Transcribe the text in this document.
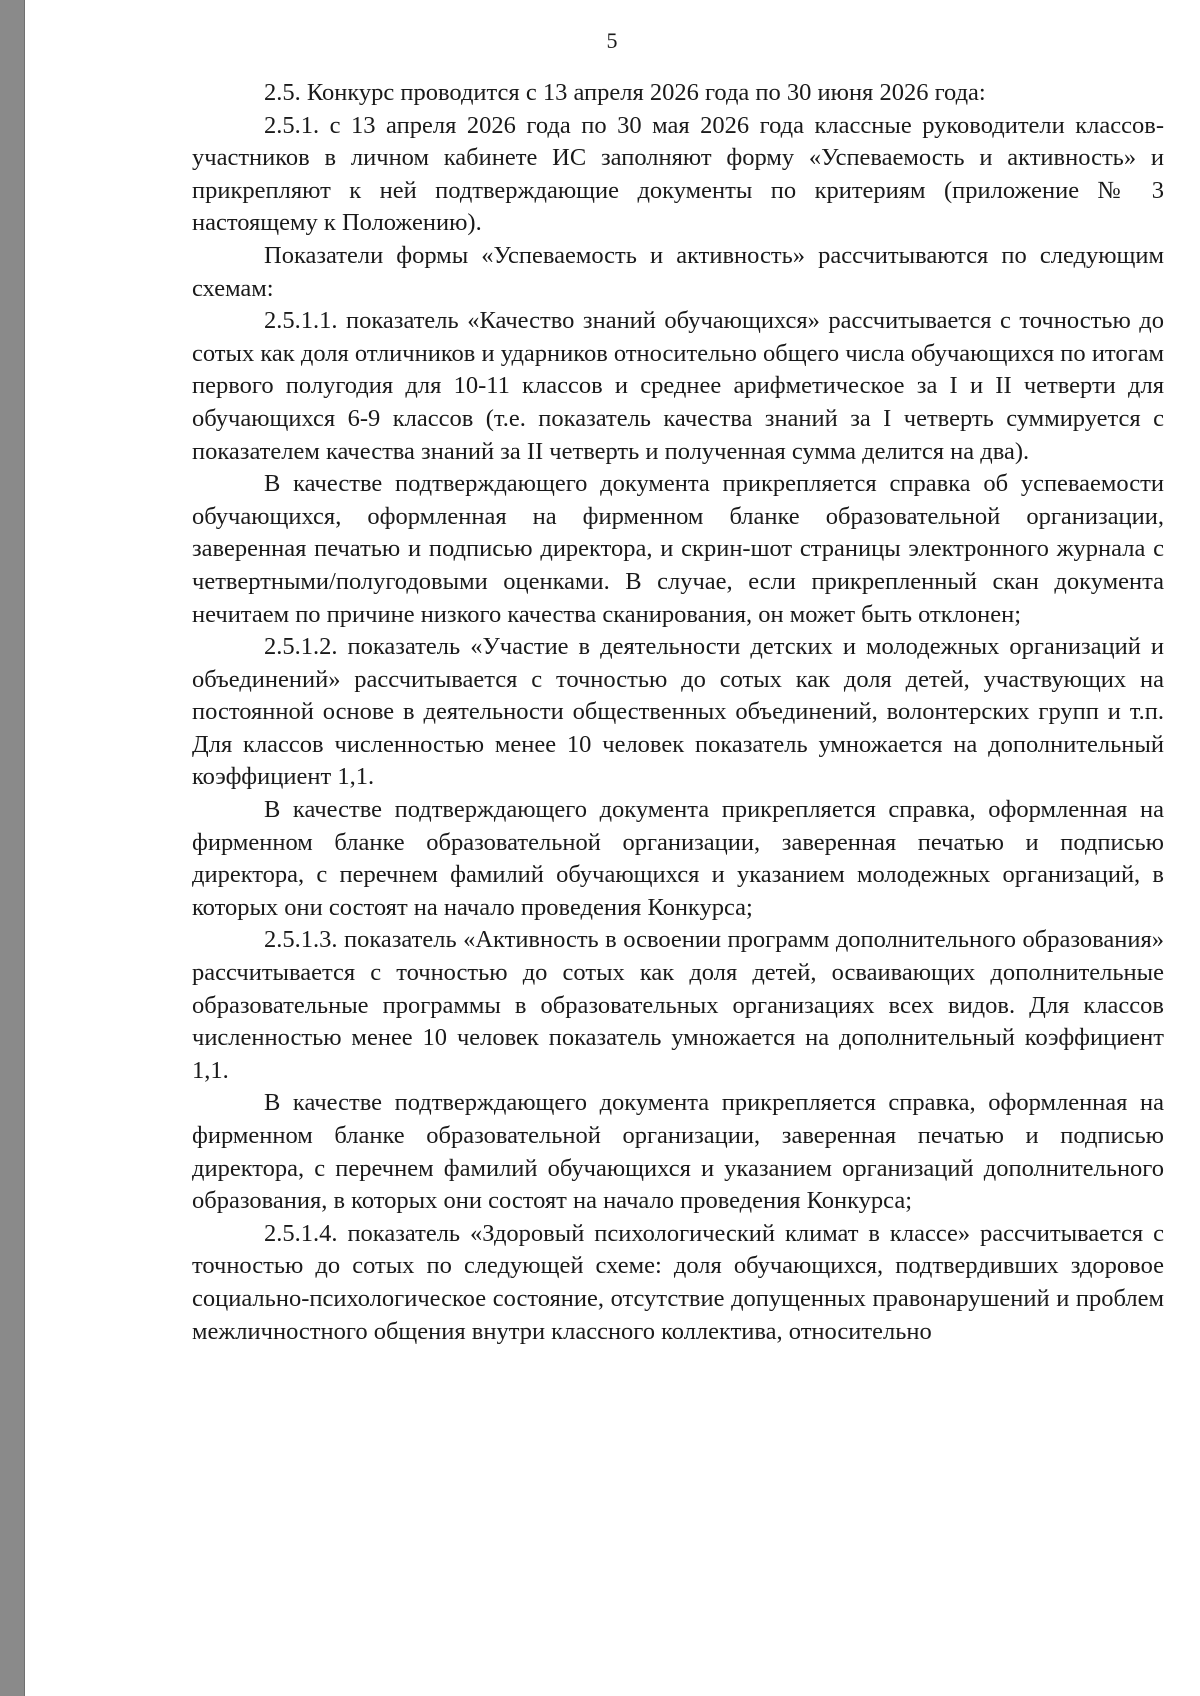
5

2.5. Конкурс проводится с 13 апреля 2026 года по 30 июня 2026 года:

2.5.1. с 13 апреля 2026 года по 30 мая 2026 года классные руководители классов-участников в личном кабинете ИС заполняют форму «Успеваемость и активность» и прикрепляют к ней подтверждающие документы по критериям (приложение № 3 настоящему к Положению).

Показатели формы «Успеваемость и активность» рассчитываются по следующим схемам:

2.5.1.1. показатель «Качество знаний обучающихся» рассчитывается с точностью до сотых как доля отличников и ударников относительно общего числа обучающихся по итогам первого полугодия для 10-11 классов и среднее арифметическое за I и II четверти для обучающихся 6-9 классов (т.е. показатель качества знаний за I четверть суммируется с показателем качества знаний за II четверть и полученная сумма делится на два).

В качестве подтверждающего документа прикрепляется справка об успеваемости обучающихся, оформленная на фирменном бланке образовательной организации, заверенная печатью и подписью директора, и скрин-шот страницы электронного журнала с четвертными/полугодовыми оценками. В случае, если прикрепленный скан документа нечитаем по причине низкого качества сканирования, он может быть отклонен;

2.5.1.2. показатель «Участие в деятельности детских и молодежных организаций и объединений» рассчитывается с точностью до сотых как доля детей, участвующих на постоянной основе в деятельности общественных объединений, волонтерских групп и т.п. Для классов численностью менее 10 человек показатель умножается на дополнительный коэффициент 1,1.

В качестве подтверждающего документа прикрепляется справка, оформленная на фирменном бланке образовательной организации, заверенная печатью и подписью директора, с перечнем фамилий обучающихся и указанием молодежных организаций, в которых они состоят на начало проведения Конкурса;

2.5.1.3. показатель «Активность в освоении программ дополнительного образования» рассчитывается с точностью до сотых как доля детей, осваивающих дополнительные образовательные программы в образовательных организациях всех видов. Для классов численностью менее 10 человек показатель умножается на дополнительный коэффициент 1,1.

В качестве подтверждающего документа прикрепляется справка, оформленная на фирменном бланке образовательной организации, заверенная печатью и подписью директора, с перечнем фамилий обучающихся и указанием организаций дополнительного образования, в которых они состоят на начало проведения Конкурса;

2.5.1.4. показатель «Здоровый психологический климат в классе» рассчитывается с точностью до сотых по следующей схеме: доля обучающихся, подтвердивших здоровое социально-психологическое состояние, отсутствие допущенных правонарушений и проблем межличностного общения внутри классного коллектива, относительно
